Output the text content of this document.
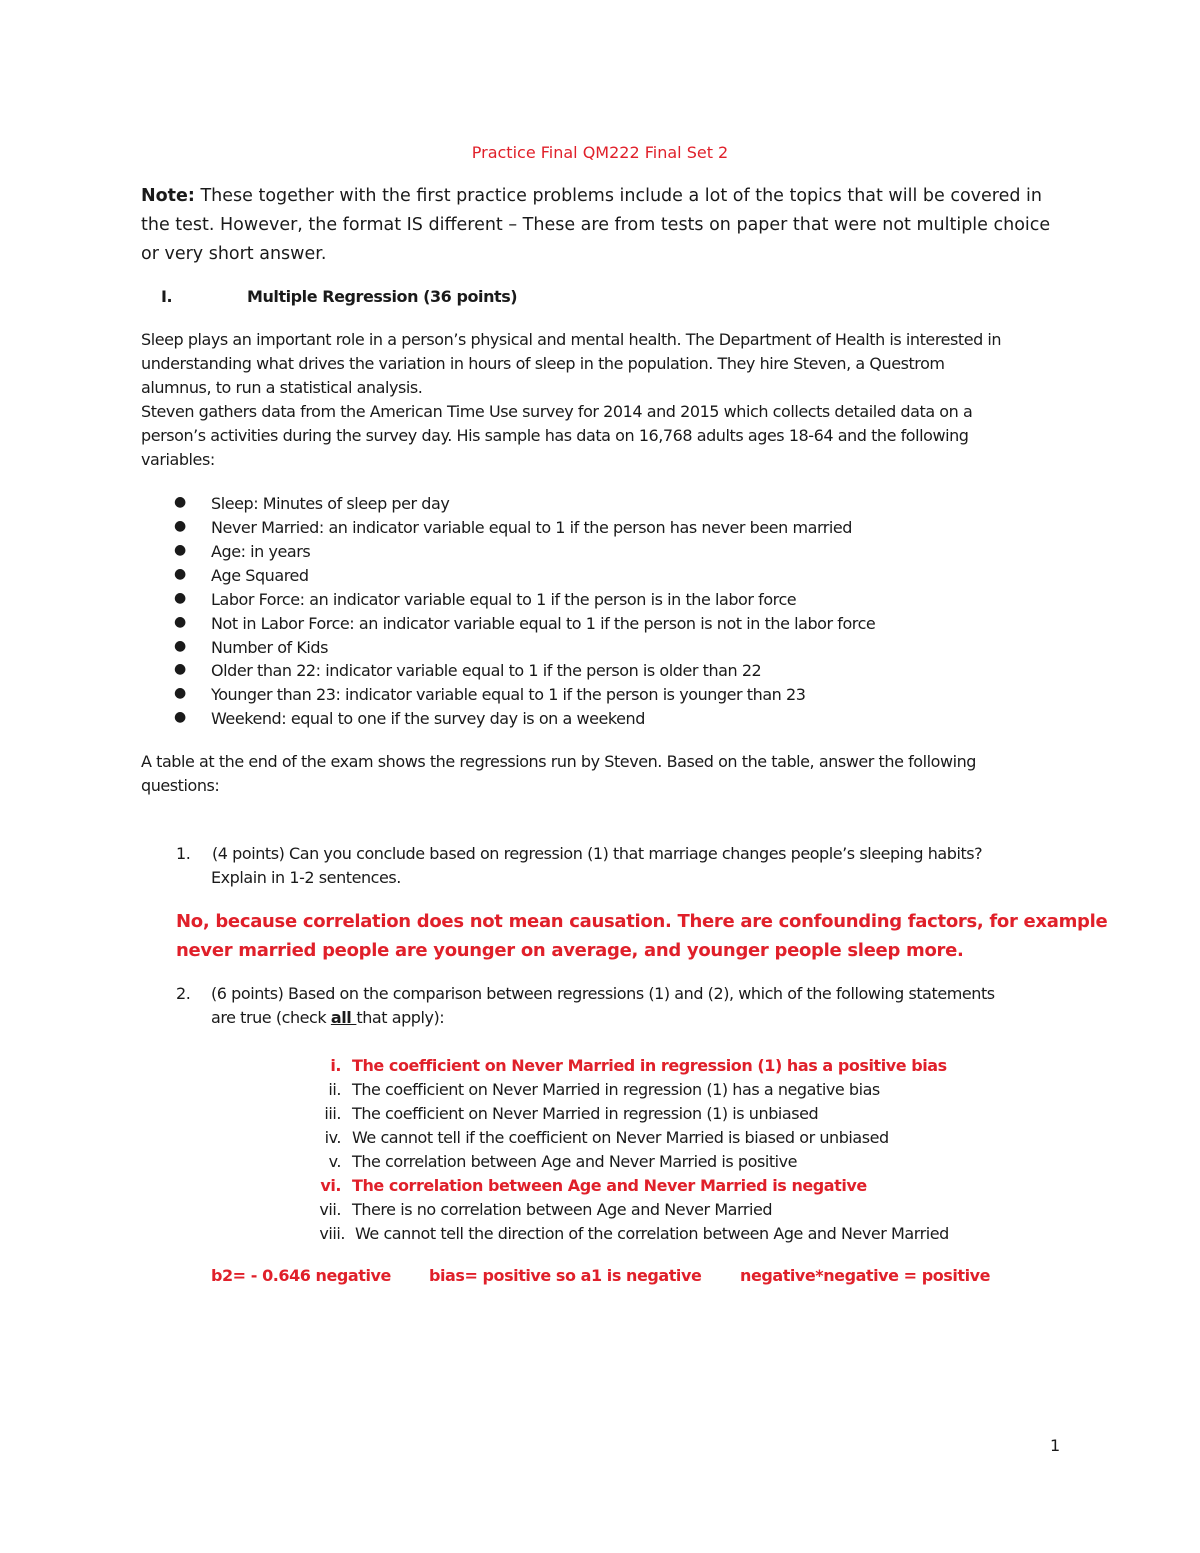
Practice Final QM222 Final Set 2
Note: These together with the first practice problems include a lot of the topics that will be covered in
the test. However, the format IS different – These are from tests on paper that were not multiple choice
or very short answer.
I.	Multiple Regression (36 points)
Sleep plays an important role in a person’s physical and mental health. The Department of Health is interested in
understanding what drives the variation in hours of sleep in the population. They hire Steven, a Questrom
alumnus, to run a statistical analysis.
Steven gathers data from the American Time Use survey for 2014 and 2015 which collects detailed data on a
person’s activities during the survey day. His sample has data on 16,768 adults ages 18-64 and the following
variables:
● Sleep: Minutes of sleep per day
● Never Married: an indicator variable equal to 1 if the person has never been married
● Age: in years
● Age Squared
● Labor Force: an indicator variable equal to 1 if the person is in the labor force
● Not in Labor Force: an indicator variable equal to 1 if the person is not in the labor force
● Number of Kids
● Older than 22: indicator variable equal to 1 if the person is older than 22
● Younger than 23: indicator variable equal to 1 if the person is younger than 23
● Weekend: equal to one if the survey day is on a weekend
A table at the end of the exam shows the regressions run by Steven. Based on the table, answer the following
questions:
1. (4 points) Can you conclude based on regression (1) that marriage changes people’s sleeping habits?
Explain in 1-2 sentences.
No, because correlation does not mean causation. There are confounding factors, for example
never married people are younger on average, and younger people sleep more.
2. (6 points) Based on the comparison between regressions (1) and (2), which of the following statements
are true (check all that apply):
i. The coefficient on Never Married in regression (1) has a positive bias
ii. The coefficient on Never Married in regression (1) has a negative bias
iii. The coefficient on Never Married in regression (1) is unbiased
iv. We cannot tell if the coefficient on Never Married is biased or unbiased
v. The correlation between Age and Never Married is positive
vi. The correlation between Age and Never Married is negative
vii. There is no correlation between Age and Never Married
viii. We cannot tell the direction of the correlation between Age and Never Married
b2= - 0.646 negative bias= positive so a1 is negative negative*negative = positive
1
